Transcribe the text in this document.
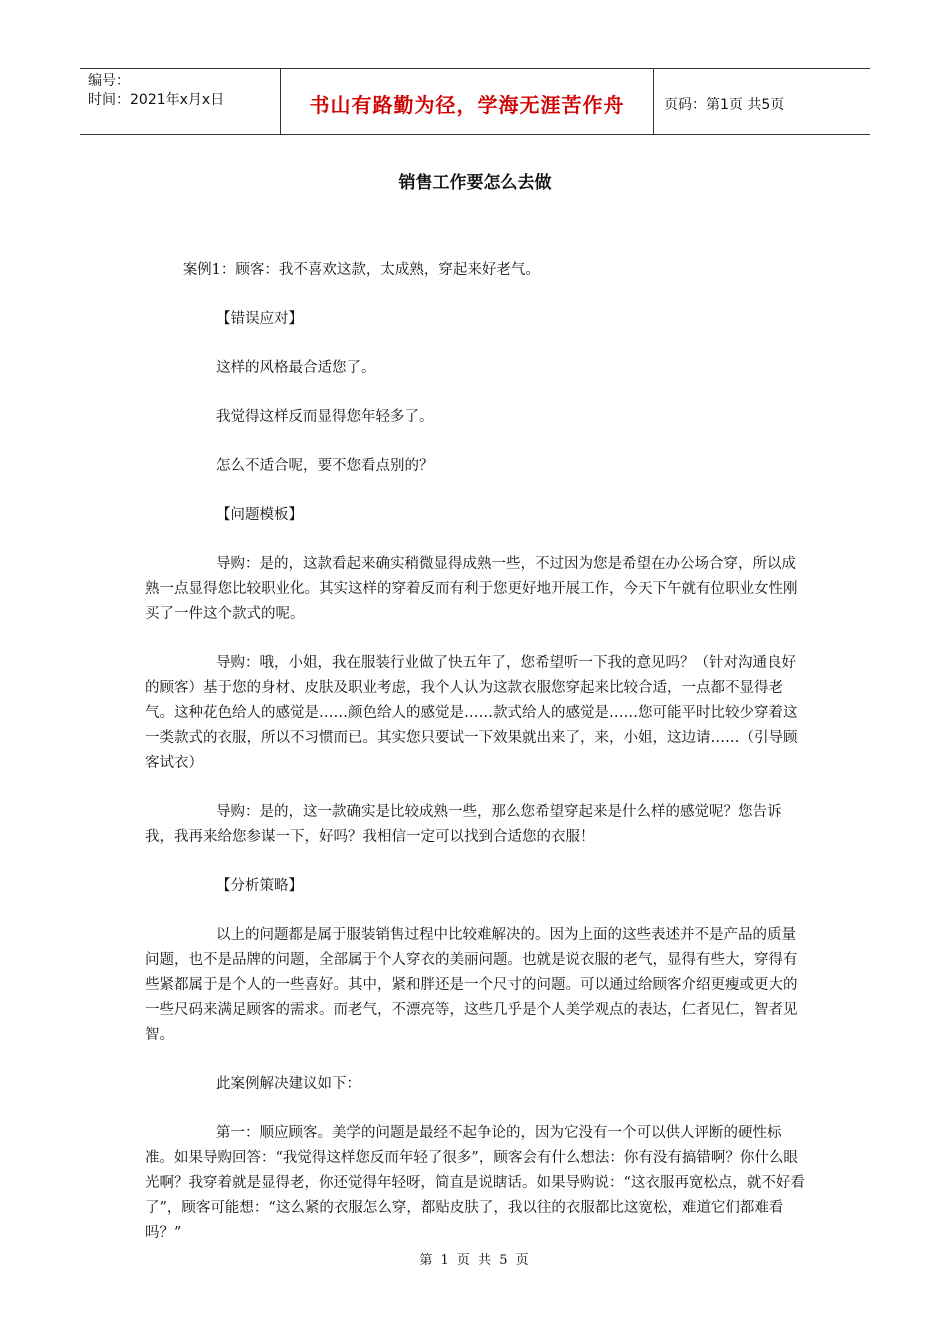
编号：
时间：2021年x月x日	书山有路勤为径，学海无涯苦作舟	页码：第1页 共5页
销售工作要怎么去做

案例1：顾客：我不喜欢这款，太成熟，穿起来好老气。

【错误应对】

这样的风格最合适您了。

我觉得这样反而显得您年轻多了。

怎么不适合呢，要不您看点别的？

【问题模板】

导购：是的，这款看起来确实稍微显得成熟一些，不过因为您是希望在办公场合穿，所以成熟一点显得您比较职业化。其实这样的穿着反而有利于您更好地开展工作，今天下午就有位职业女性刚买了一件这个款式的呢。

导购：哦，小姐，我在服装行业做了快五年了，您希望听一下我的意见吗？（针对沟通良好的顾客）基于您的身材、皮肤及职业考虑，我个人认为这款衣服您穿起来比较合适，一点都不显得老气。这种花色给人的感觉是……颜色给人的感觉是……款式给人的感觉是……您可能平时比较少穿着这一类款式的衣服，所以不习惯而已。其实您只要试一下效果就出来了，来，小姐，这边请……（引导顾客试衣）

导购：是的，这一款确实是比较成熟一些，那么您希望穿起来是什么样的感觉呢？您告诉我，我再来给您参谋一下，好吗？我相信一定可以找到合适您的衣服！

【分析策略】

以上的问题都是属于服装销售过程中比较难解决的。因为上面的这些表述并不是产品的质量问题，也不是品牌的问题，全部属于个人穿衣的美丽问题。也就是说衣服的老气，显得有些大，穿得有些紧都属于是个人的一些喜好。其中，紧和胖还是一个尺寸的问题。可以通过给顾客介绍更瘦或更大的一些尺码来满足顾客的需求。而老气，不漂亮等，这些几乎是个人美学观点的表达，仁者见仁，智者见智。

此案例解决建议如下：

第一：顺应顾客。美学的问题是最经不起争论的，因为它没有一个可以供人评断的硬性标准。如果导购回答：“我觉得这样您反而年轻了很多”，顾客会有什么想法：你有没有搞错啊？你什么眼光啊？我穿着就是显得老，你还觉得年轻呀，简直是说瞎话。如果导购说：“这衣服再宽松点，就不好看了”，顾客可能想：“这么紧的衣服怎么穿，都贴皮肤了，我以往的衣服都比这宽松，难道它们都难看吗？”

第 1 页 共 5 页
